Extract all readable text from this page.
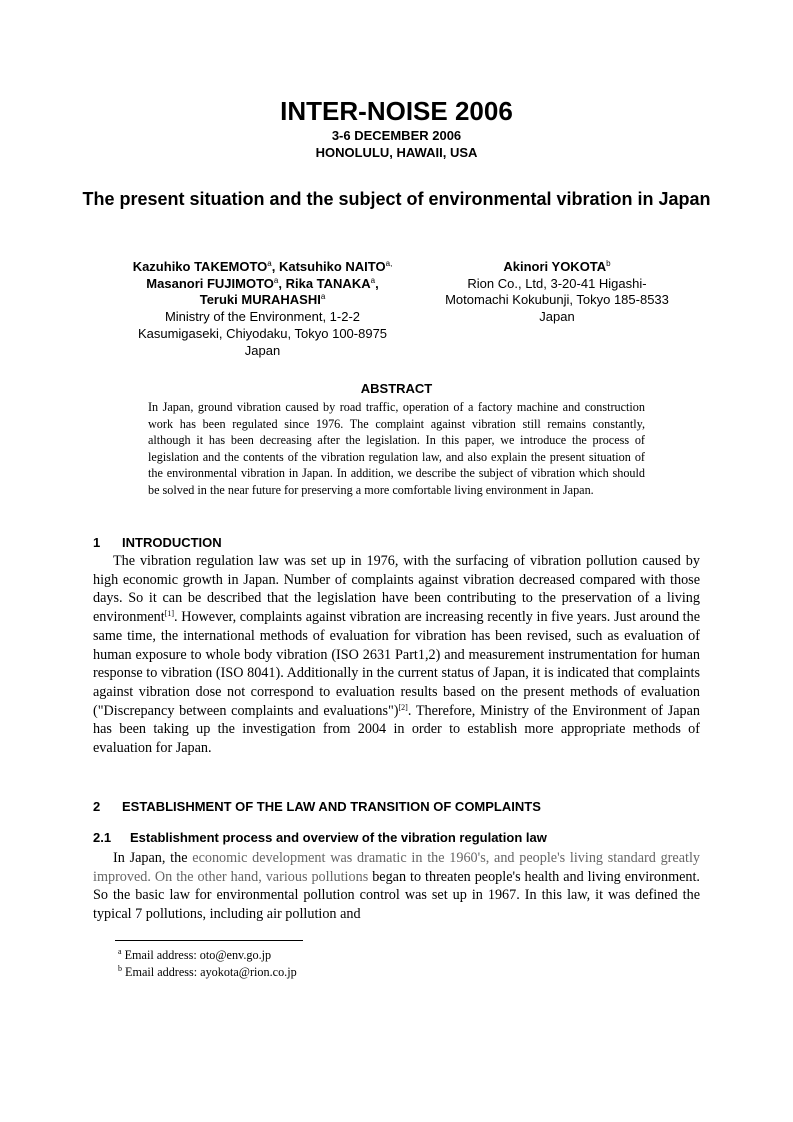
INTER-NOISE 2006
3-6 DECEMBER 2006
HONOLULU, HAWAII, USA
The present situation and the subject of environmental vibration in Japan
Kazuhiko TAKEMOTO$^a$, Katsuhiko $NAITO^{a,}$
Masanori FUJIMOTO$^a$, Rika TANAKA$^a$,
Teruki MURAHASHI$^a$
Ministry of the Environment, 1-2-2
Kasumigaseki, Chiyodaku, Tokyo 100-8975
Japan
Akinori YOKOTA$^b$
Rion Co., Ltd, 3-20-41 Higashi-
Motomachi Kokubunji, Tokyo 185-8533
Japan
ABSTRACT

In Japan, ground vibration caused by road traffic, operation of a factory machine and construction work has been regulated since 1976. The complaint against vibration still remains constantly, although it has been decreasing after the legislation. In this paper, we introduce the process of legislation and the contents of the vibration regulation law, and also explain the present situation of the environmental vibration in Japan. In addition, we describe the subject of vibration which should be solved in the near future for preserving a more comfortable living environment in Japan.

1 INTRODUCTION

The vibration regulation law was set up in 1976, with the surfacing of vibration pollution caused by high economic growth in Japan. Number of complaints against vibration decreased compared with those days. So it can be described that the legislation have been contributing to the preservation of a living environment[1]. However, complaints against vibration are increasing recently in five years. Just around the same time, the international methods of evaluation for vibration has been revised, such as evaluation of human exposure to whole body vibration (ISO 2631 Part1,2) and measurement instrumentation for human response to vibration (ISO 8041). Additionally in the current status of Japan, it is indicated that complaints against vibration dose not correspond to evaluation results based on the present methods of evaluation ("Discrepancy between complaints and evaluations")[2]. Therefore, Ministry of the Environment of Japan has been taking up the investigation from 2004 in order to establish more appropriate methods of evaluation for Japan.

2 ESTABLISHMENT OF THE LAW AND TRANSITION OF COMPLAINTS
2.1 Establishment process and overview of the vibration regulation law

In Japan, the economic development was dramatic in the 1960's, and people's living standard greatly improved. On the other hand, various pollutions began to threaten people's health and living environment. So the basic law for environmental pollution control was set up in 1967. In this law, it was defined the typical 7 pollutions, including air pollution and

$^a$ Email address: oto@env.go.jp
$^b$ Email address: ayokota@rion.co.jp
